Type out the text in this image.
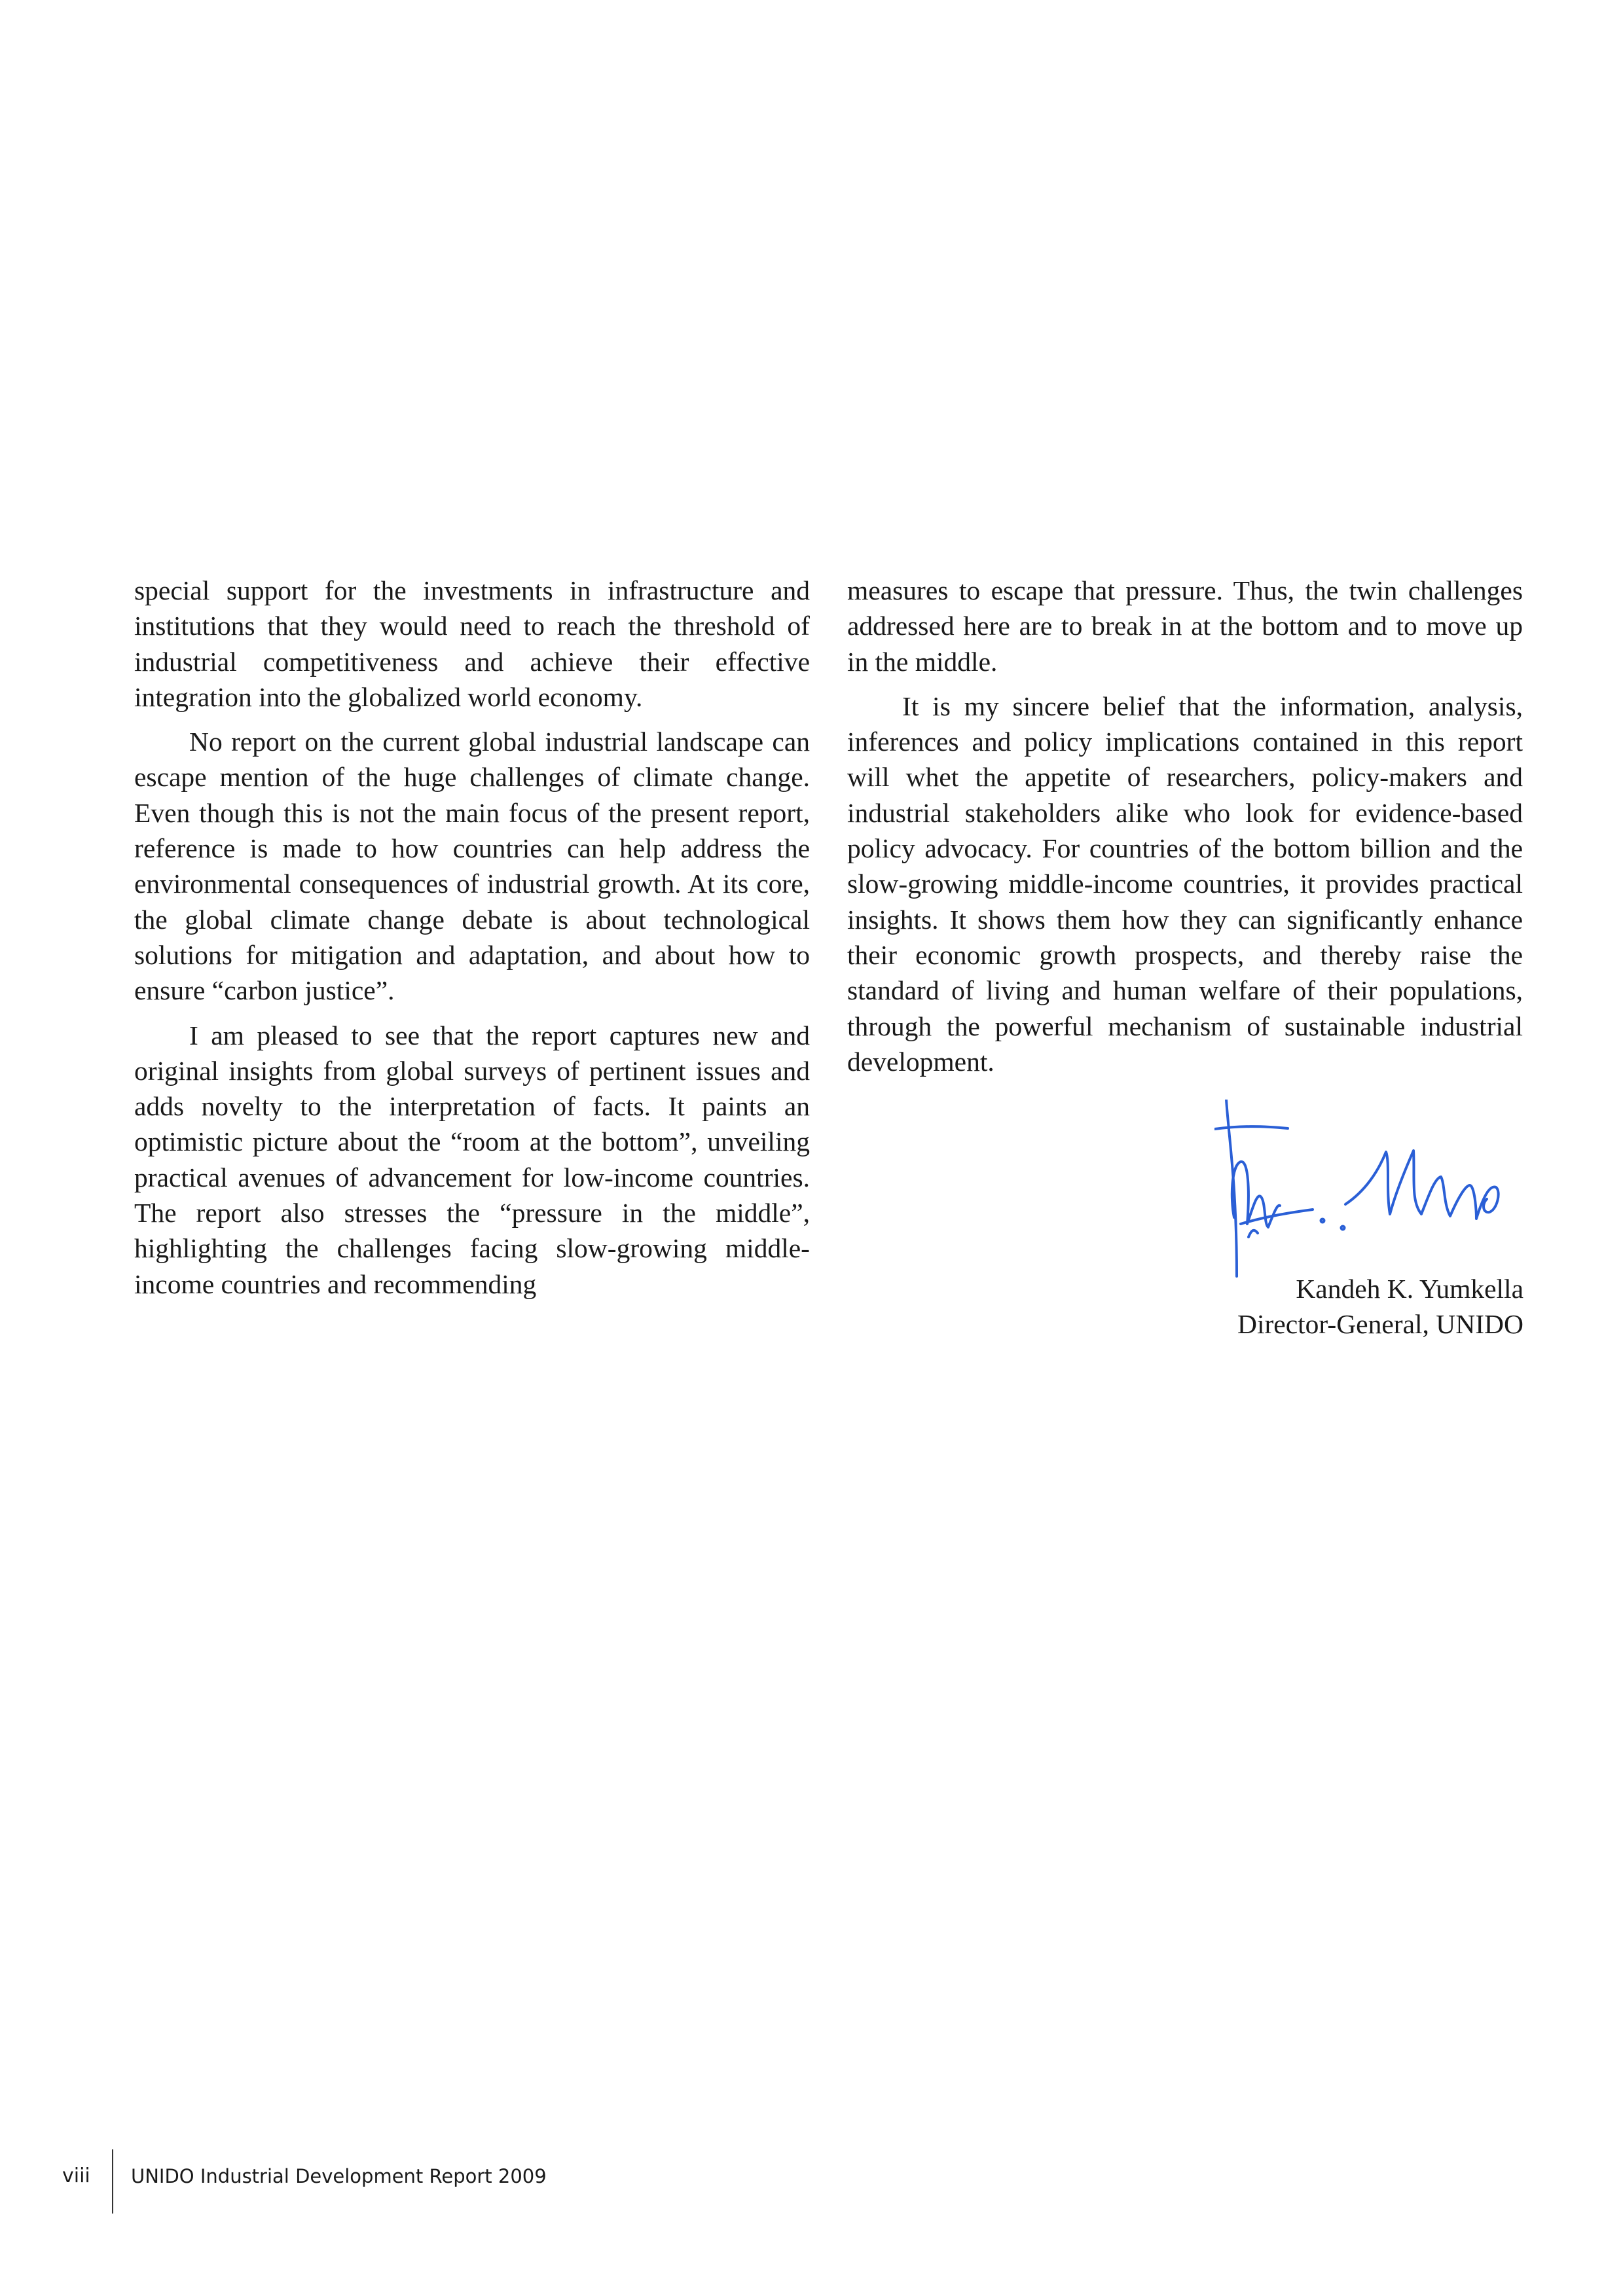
special support for the investments in infrastructure and institutions that they would need to reach the threshold of industrial competitiveness and achieve their effective integration into the globalized world economy.

No report on the current global industrial landscape can escape mention of the huge challenges of climate change. Even though this is not the main focus of the present report, reference is made to how countries can help address the environmental consequences of industrial growth. At its core, the global climate change debate is about technological solutions for mitigation and adaptation, and about how to ensure “carbon justice”.

I am pleased to see that the report captures new and original insights from global surveys of pertinent issues and adds novelty to the interpretation of facts. It paints an optimistic picture about the “room at the bottom”, unveiling practical avenues of advancement for low-income countries. The report also stresses the “pressure in the middle”, highlighting the challenges facing slow-growing middle-income countries and recommending

measures to escape that pressure. Thus, the twin challenges addressed here are to break in at the bottom and to move up in the middle.

It is my sincere belief that the information, analysis, inferences and policy implications contained in this report will whet the appetite of researchers, policy-makers and industrial stakeholders alike who look for evidence-based policy advocacy. For countries of the bottom billion and the slow-growing middle-income countries, it provides practical insights. It shows them how they can significantly enhance their economic growth prospects, and thereby raise the standard of living and human welfare of their populations, through the powerful mechanism of sustainable industrial development.

Kandeh K. Yumkella
Director-General, UNIDO
viii UNIDO Industrial Development Report 2009
